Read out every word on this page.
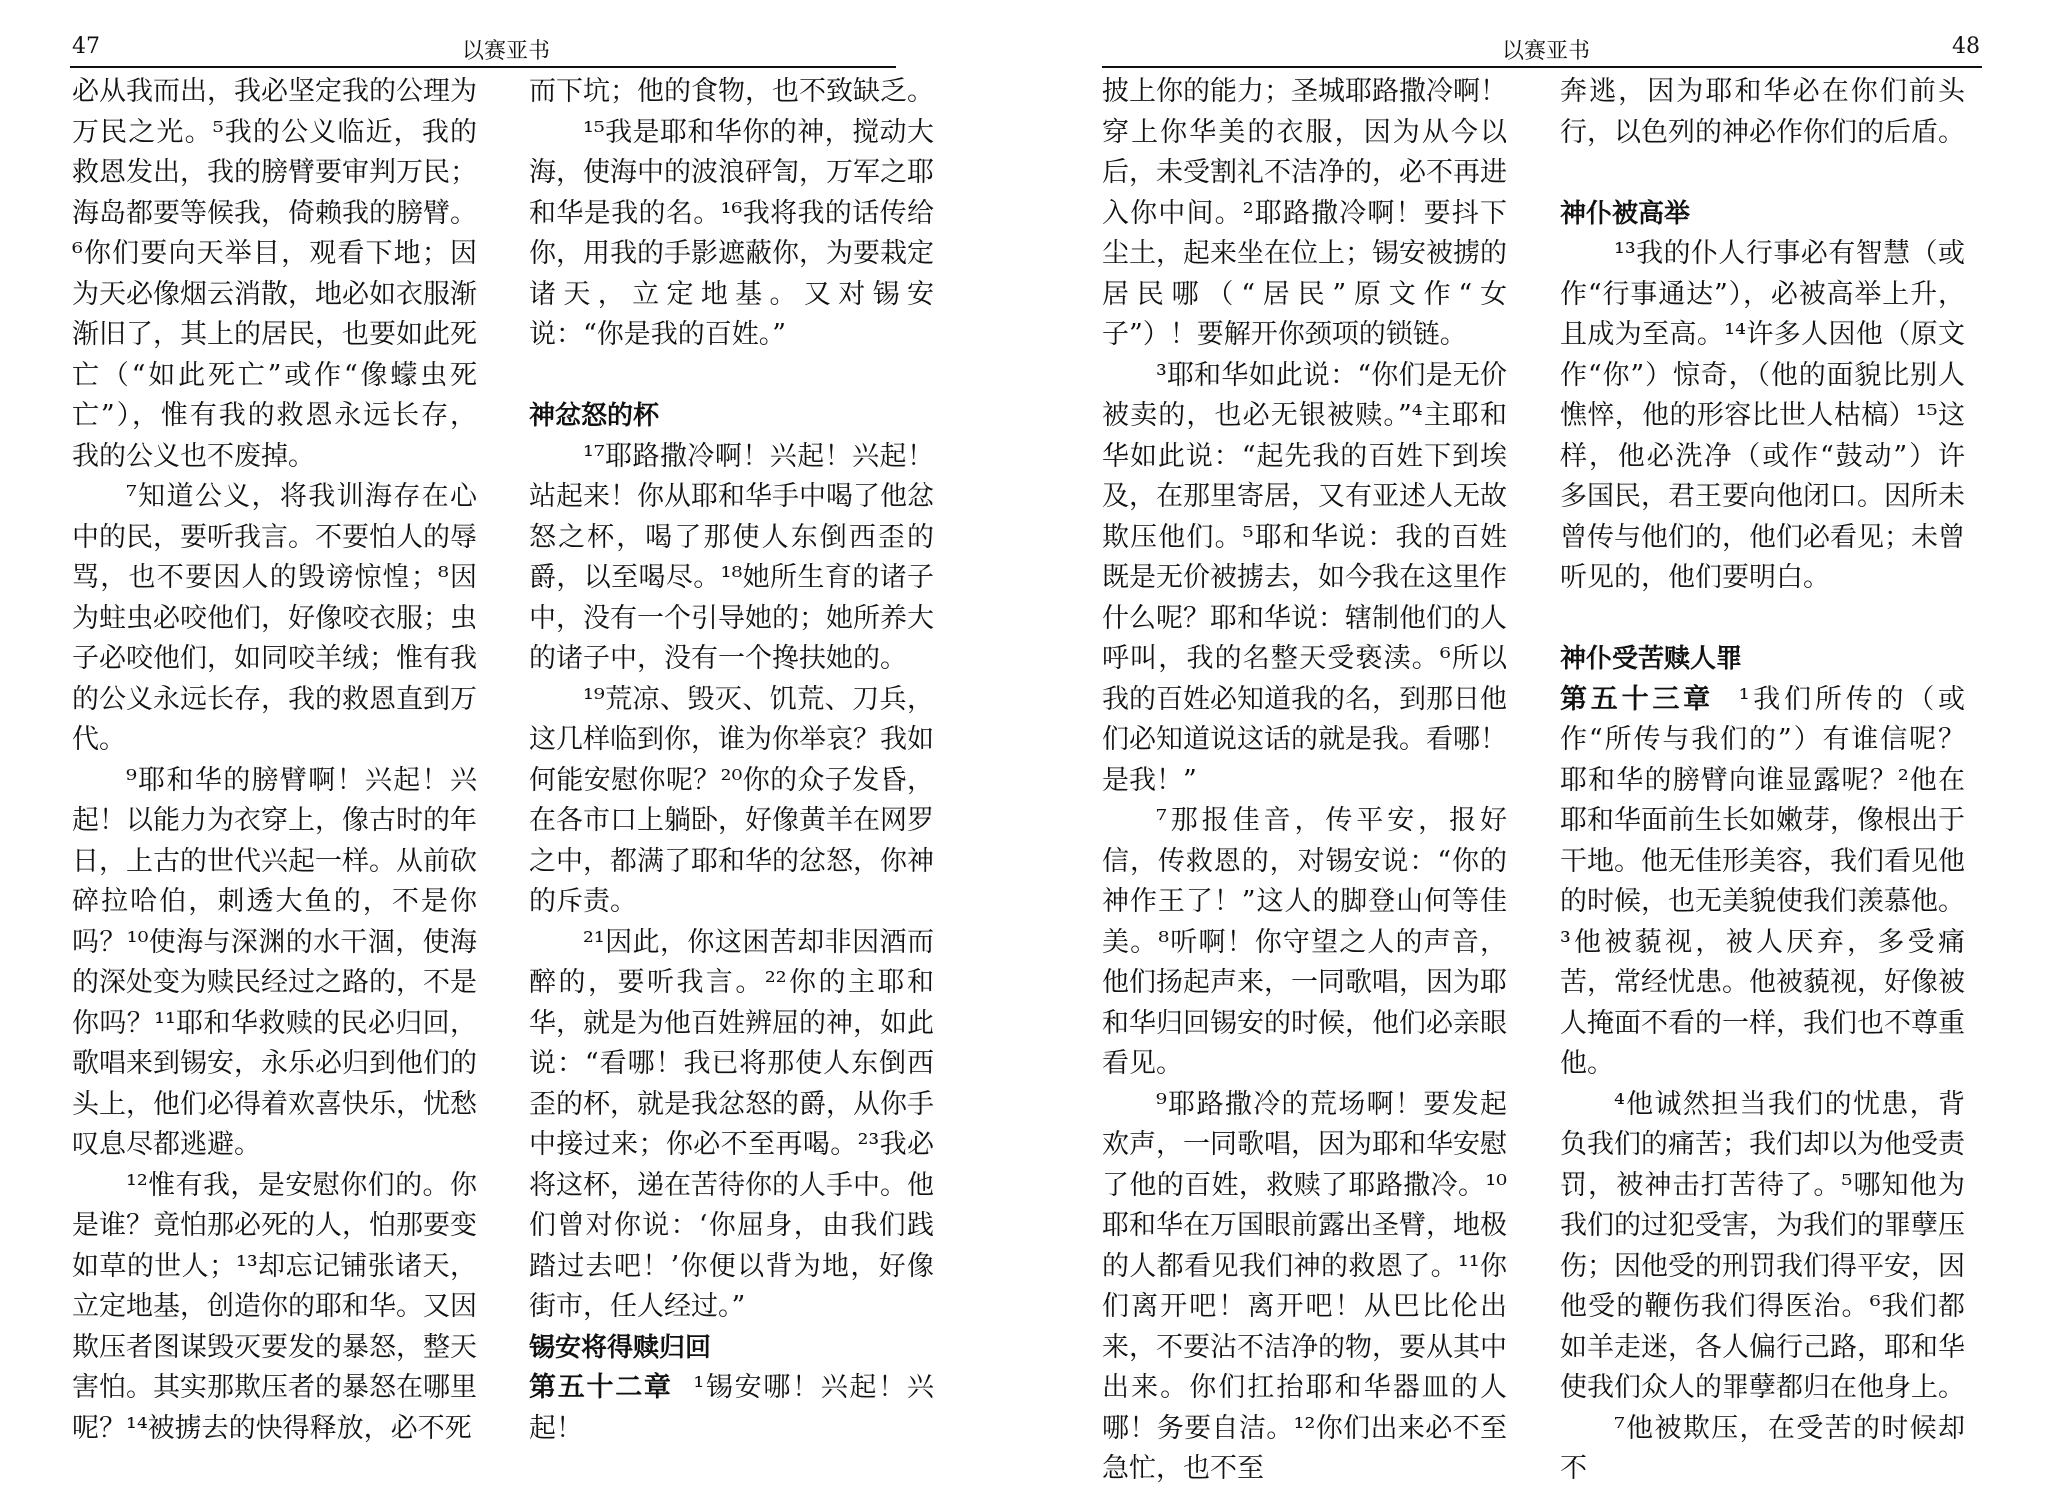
47	以赛亚书	以赛亚书	48

必从我而出，我必坚定我的公理为万民之光。⁵我的公义临近，我的救恩发出，我的膀臂要审判万民；海岛都要等候我，倚赖我的膀臂。⁶你们要向天举目，观看下地；因为天必像烟云消散，地必如衣服渐渐旧了，其上的居民，也要如此死亡（“如此死亡”或作“像蠓虫死亡”），惟有我的救恩永远长存，我的公义也不废掉。

⁷知道公义，将我训海存在心中的民，要听我言。不要怕人的辱骂，也不要因人的毁谤惊惶；⁸因为蛀虫必咬他们，好像咬衣服；虫子必咬他们，如同咬羊绒；惟有我的公义永远长存，我的救恩直到万代。

⁹耶和华的膀臂啊！兴起！兴起！以能力为衣穿上，像古时的年日，上古的世代兴起一样。从前砍碎拉哈伯，刺透大鱼的，不是你吗？¹⁰使海与深渊的水干涸，使海的深处变为赎民经过之路的，不是你吗？¹¹耶和华救赎的民必归回，歌唱来到锡安，永乐必归到他们的头上，他们必得着欢喜快乐，忧愁叹息尽都逃避。

¹²惟有我，是安慰你们的。你是谁？竟怕那必死的人，怕那要变如草的世人；¹³却忘记铺张诸天，立定地基，创造你的耶和华。又因欺压者图谋毁灭要发的暴怒，整天害怕。其实那欺压者的暴怒在哪里呢？¹⁴被掳去的快得释放，必不死

而下坑；他的食物，也不致缺乏。

¹⁵我是耶和华你的神，搅动大海，使海中的波浪砰訇，万军之耶和华是我的名。¹⁶我将我的话传给你，用我的手影遮蔽你，为要栽定诸天，立定地基。又对锡安说：“你是我的百姓。”

神忿怒的杯

¹⁷耶路撒冷啊！兴起！兴起！站起来！你从耶和华手中喝了他忿怒之杯，喝了那使人东倒西歪的爵，以至喝尽。¹⁸她所生育的诸子中，没有一个引导她的；她所养大的诸子中，没有一个搀扶她的。

¹⁹荒凉、毁灭、饥荒、刀兵，这几样临到你，谁为你举哀？我如何能安慰你呢？²⁰你的众子发昏，在各市口上躺卧，好像黄羊在网罗之中，都满了耶和华的忿怒，你神的斥责。

²¹因此，你这困苦却非因酒而醉的，要听我言。²²你的主耶和华，就是为他百姓辨屈的神，如此说：“看哪！我已将那使人东倒西歪的杯，就是我忿怒的爵，从你手中接过来；你必不至再喝。²³我必将这杯，递在苦待你的人手中。他们曾对你说：‘你屈身，由我们践踏过去吧！’你便以背为地，好像街市，任人经过。”

锡安将得赎归回

第五十二章 ¹锡安哪！兴起！兴起！

披上你的能力；圣城耶路撒冷啊！穿上你华美的衣服，因为从今以后，未受割礼不洁净的，必不再进入你中间。²耶路撒冷啊！要抖下尘土，起来坐在位上；锡安被掳的居民哪（“居民”原文作“女子”）！要解开你颈项的锁链。

³耶和华如此说：“你们是无价被卖的，也必无银被赎。”⁴主耶和华如此说：“起先我的百姓下到埃及，在那里寄居，又有亚述人无故欺压他们。⁵耶和华说：我的百姓既是无价被掳去，如今我在这里作什么呢？耶和华说：辖制他们的人呼叫，我的名整天受亵渎。⁶所以我的百姓必知道我的名，到那日他们必知道说这话的就是我。看哪！是我！”

⁷那报佳音，传平安，报好信，传救恩的，对锡安说：“你的神作王了！”这人的脚登山何等佳美。⁸听啊！你守望之人的声音，他们扬起声来，一同歌唱，因为耶和华归回锡安的时候，他们必亲眼看见。

⁹耶路撒冷的荒场啊！要发起欢声，一同歌唱，因为耶和华安慰了他的百姓，救赎了耶路撒冷。¹⁰耶和华在万国眼前露出圣臂，地极的人都看见我们神的救恩了。¹¹你们离开吧！离开吧！从巴比伦出来，不要沾不洁净的物，要从其中出来。你们扛抬耶和华器皿的人哪！务要自洁。¹²你们出来必不至急忙，也不至

奔逃，因为耶和华必在你们前头行，以色列的神必作你们的后盾。

神仆被高举

¹³我的仆人行事必有智慧（或作“行事通达”），必被高举上升，且成为至高。¹⁴许多人因他（原文作“你”）惊奇，（他的面貌比别人憔悴，他的形容比世人枯槁）¹⁵这样，他必洗净（或作“鼓动”）许多国民，君王要向他闭口。因所未曾传与他们的，他们必看见；未曾听见的，他们要明白。

神仆受苦赎人罪

第五十三章 ¹我们所传的（或作“所传与我们的”）有谁信呢？耶和华的膀臂向谁显露呢？²他在耶和华面前生长如嫩芽，像根出于干地。他无佳形美容，我们看见他的时候，也无美貌使我们羡慕他。³他被藐视，被人厌弃，多受痛苦，常经忧患。他被藐视，好像被人掩面不看的一样，我们也不尊重他。

⁴他诚然担当我们的忧患，背负我们的痛苦；我们却以为他受责罚，被神击打苦待了。⁵哪知他为我们的过犯受害，为我们的罪孽压伤；因他受的刑罚我们得平安，因他受的鞭伤我们得医治。⁶我们都如羊走迷，各人偏行己路，耶和华使我们众人的罪孽都归在他身上。

⁷他被欺压，在受苦的时候却不
